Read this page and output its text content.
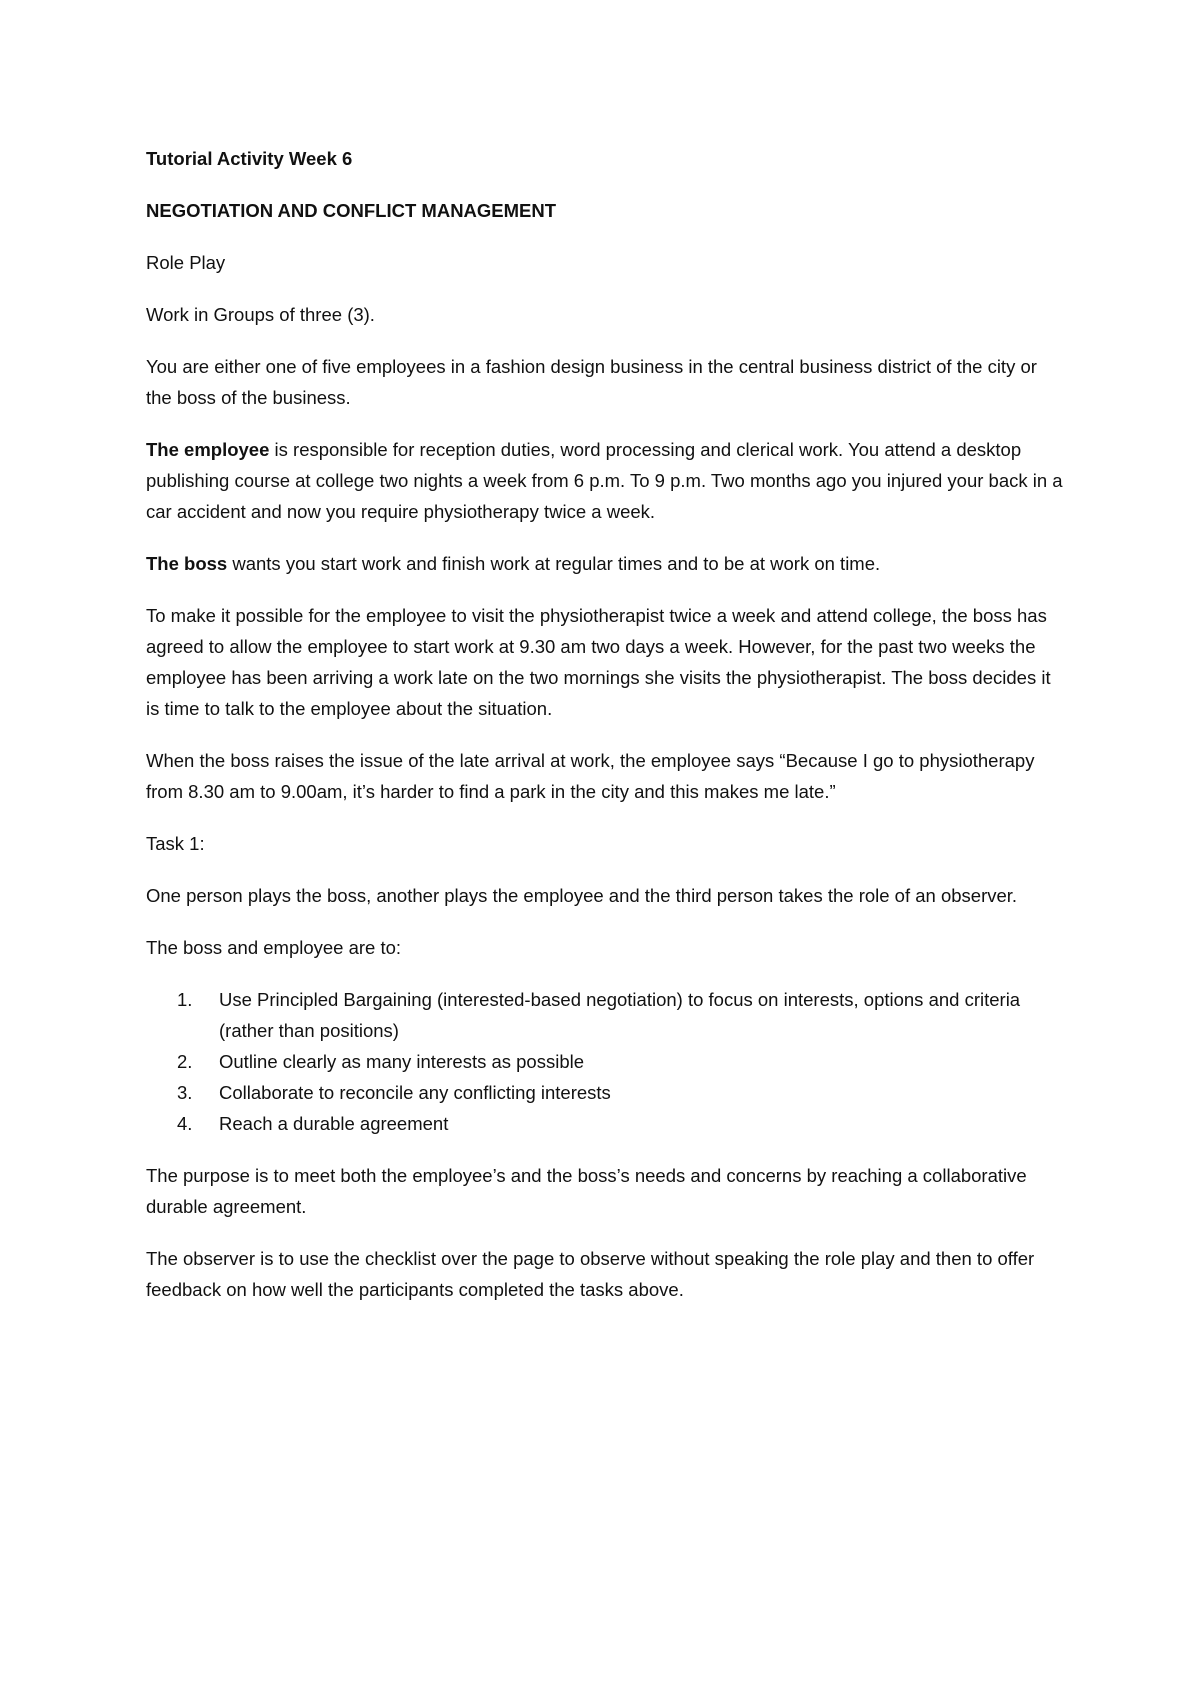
Tutorial Activity Week 6

NEGOTIATION AND CONFLICT MANAGEMENT

Role Play

Work in Groups of three (3).

You are either one of five employees in a fashion design business in the central business district of the city or the boss of the business.

The employee is responsible for reception duties, word processing and clerical work. You attend a desktop publishing course at college two nights a week from 6 p.m. To 9 p.m. Two months ago you injured your back in a car accident and now you require physiotherapy twice a week.

The boss wants you start work and finish work at regular times and to be at work on time.

To make it possible for the employee to visit the physiotherapist twice a week and attend college, the boss has agreed to allow the employee to start work at 9.30 am two days a week. However, for the past two weeks the employee has been arriving a work late on the two mornings she visits the physiotherapist. The boss decides it is time to talk to the employee about the situation.

When the boss raises the issue of the late arrival at work, the employee says “Because I go to physiotherapy from 8.30 am to 9.00am, it’s harder to find a park in the city and this makes me late.”

Task 1:

One person plays the boss, another plays the employee and the third person takes the role of an observer.

The boss and employee are to:

1. Use Principled Bargaining (interested-based negotiation) to focus on interests, options and criteria (rather than positions)
2. Outline clearly as many interests as possible
3. Collaborate to reconcile any conflicting interests
4. Reach a durable agreement

The purpose is to meet both the employee’s and the boss’s needs and concerns by reaching a collaborative durable agreement.

The observer is to use the checklist over the page to observe without speaking the role play and then to offer feedback on how well the participants completed the tasks above.
